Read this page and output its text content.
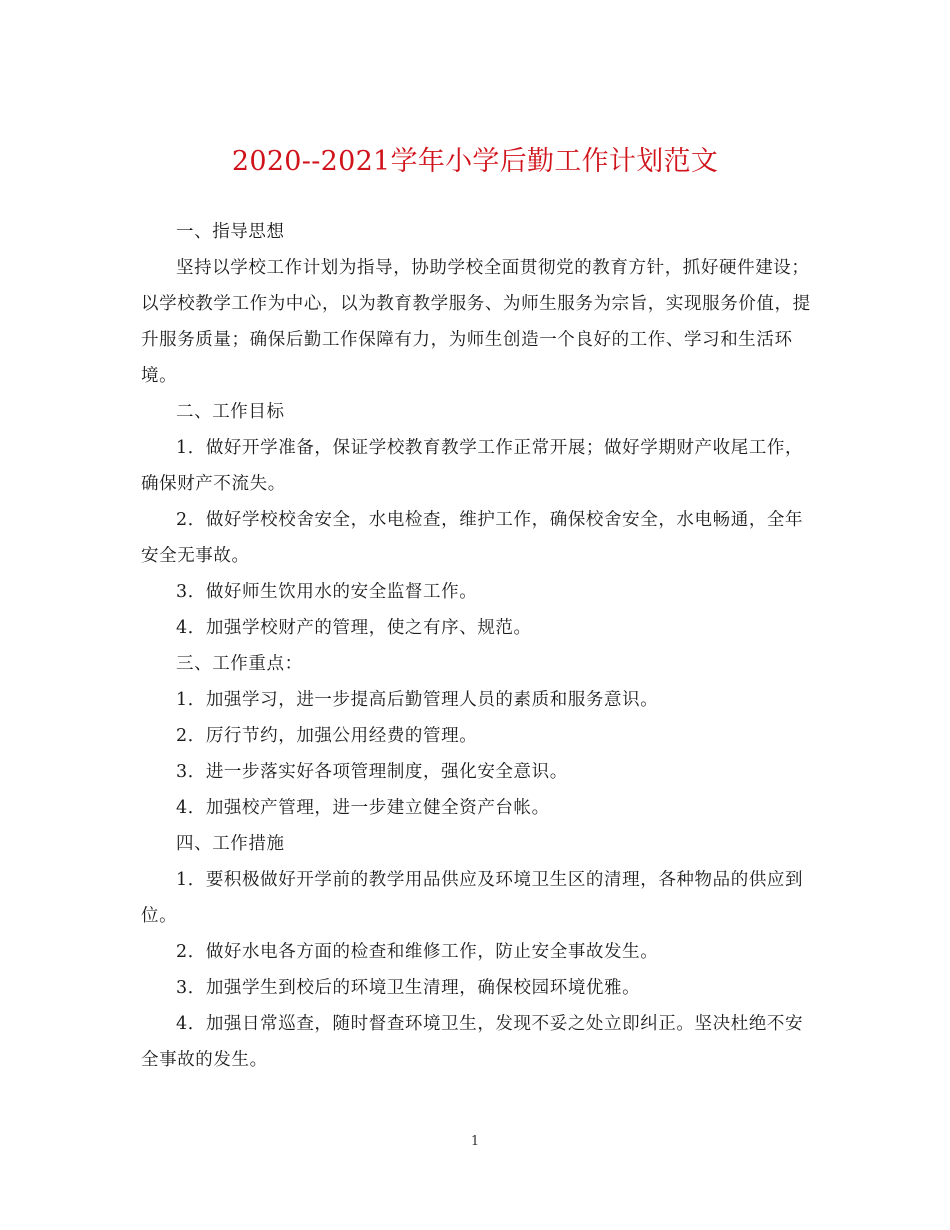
2020--2021学年小学后勤工作计划范文

一、指导思想

坚持以学校工作计划为指导，协助学校全面贯彻党的教育方针，抓好硬件建设；以学校教学工作为中心，以为教育教学服务、为师生服务为宗旨，实现服务价值，提升服务质量；确保后勤工作保障有力，为师生创造一个良好的工作、学习和生活环境。

二、工作目标

1．做好开学准备，保证学校教育教学工作正常开展；做好学期财产收尾工作，确保财产不流失。

2．做好学校校舍安全，水电检查，维护工作，确保校舍安全，水电畅通，全年安全无事故。

3．做好师生饮用水的安全监督工作。

4．加强学校财产的管理，使之有序、规范。

三、工作重点：

1．加强学习，进一步提高后勤管理人员的素质和服务意识。

2．厉行节约，加强公用经费的管理。

3．进一步落实好各项管理制度，强化安全意识。

4．加强校产管理，进一步建立健全资产台帐。

四、工作措施

1．要积极做好开学前的教学用品供应及环境卫生区的清理，各种物品的供应到位。

2．做好水电各方面的检查和维修工作，防止安全事故发生。

3．加强学生到校后的环境卫生清理，确保校园环境优雅。

4．加强日常巡查，随时督查环境卫生，发现不妥之处立即纠正。坚决杜绝不安全事故的发生。

1
